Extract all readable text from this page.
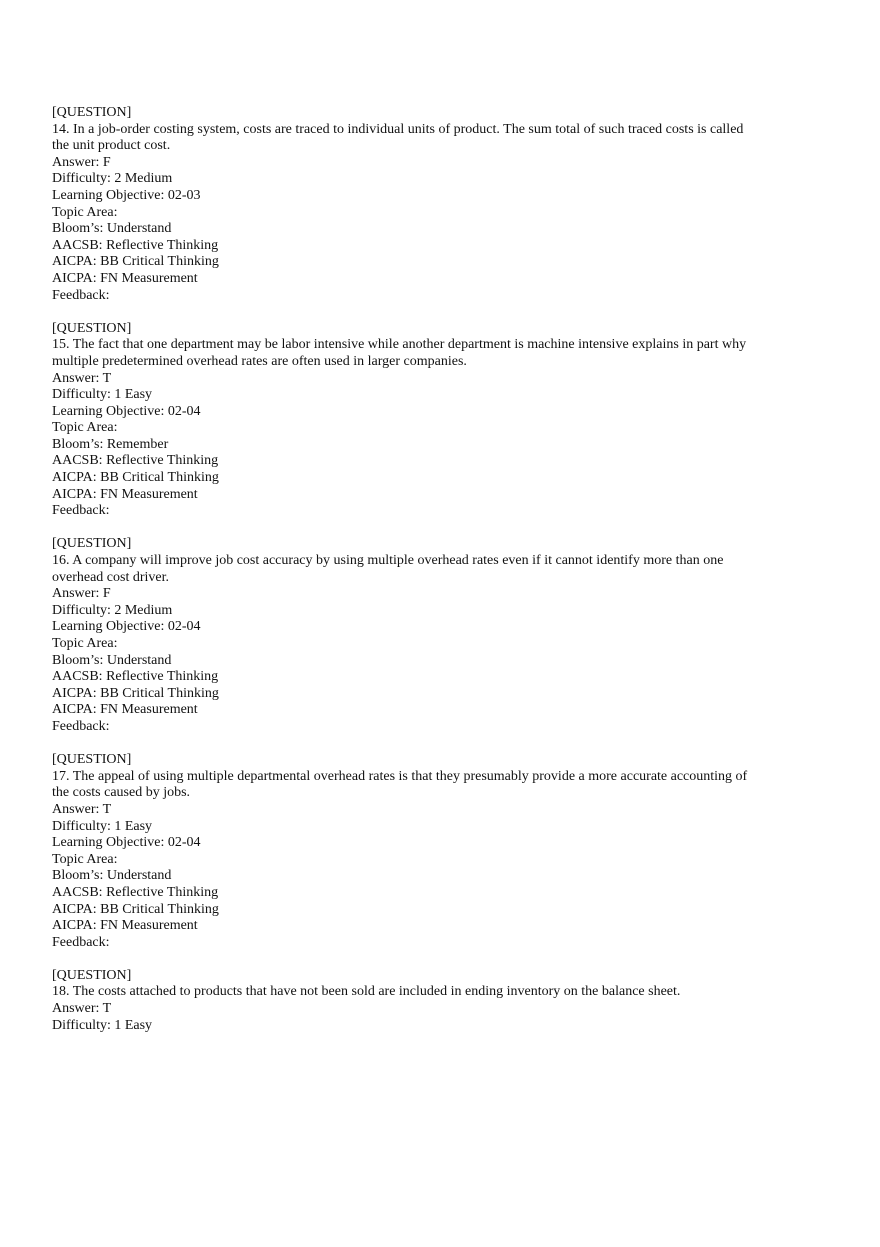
[QUESTION]
14. In a job-order costing system, costs are traced to individual units of product. The sum total of such traced costs is called the unit product cost.
Answer: F
Difficulty: 2 Medium
Learning Objective: 02-03
Topic Area:
Bloom’s: Understand
AACSB: Reflective Thinking
AICPA: BB Critical Thinking
AICPA: FN Measurement
Feedback:
[QUESTION]
15. The fact that one department may be labor intensive while another department is machine intensive explains in part why multiple predetermined overhead rates are often used in larger companies.
Answer: T
Difficulty: 1 Easy
Learning Objective: 02-04
Topic Area:
Bloom’s: Remember
AACSB: Reflective Thinking
AICPA: BB Critical Thinking
AICPA: FN Measurement
Feedback:
[QUESTION]
16. A company will improve job cost accuracy by using multiple overhead rates even if it cannot identify more than one overhead cost driver.
Answer: F
Difficulty: 2 Medium
Learning Objective: 02-04
Topic Area:
Bloom’s: Understand
AACSB: Reflective Thinking
AICPA: BB Critical Thinking
AICPA: FN Measurement
Feedback:
[QUESTION]
17. The appeal of using multiple departmental overhead rates is that they presumably provide a more accurate accounting of the costs caused by jobs.
Answer: T
Difficulty: 1 Easy
Learning Objective: 02-04
Topic Area:
Bloom’s: Understand
AACSB: Reflective Thinking
AICPA: BB Critical Thinking
AICPA: FN Measurement
Feedback:
[QUESTION]
18. The costs attached to products that have not been sold are included in ending inventory on the balance sheet.
Answer: T
Difficulty: 1 Easy
